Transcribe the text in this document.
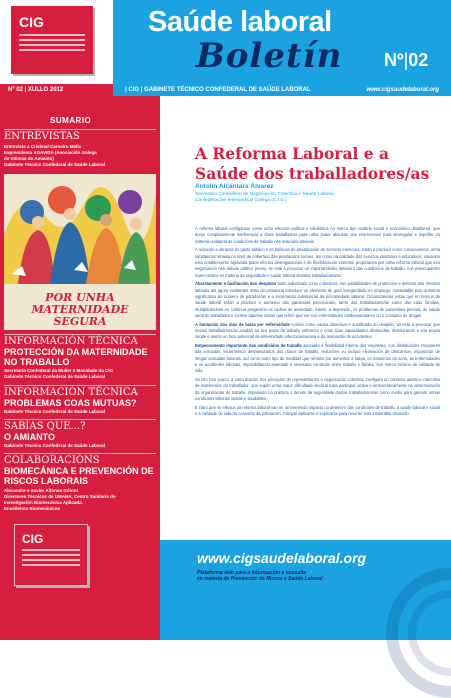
CIG	Saúde laboral
Boletín Nº|02
Nº 02 | XULLO 2012	| CIG | GABINETE TÉCNICO CONFEDERAL DE SAÚDE LABORAL	www.cigsaudelaboral.org
SUMARIO
ENTREVISTAS
Entrevista a Cristinal Carneiro Mella
Expresidenta AGAVIDA (Asociación Galega
de Vítimas do Amianto)
Gabinete Técnico Confederal de Saúde Laboral
POR UNHA MATERNIDADE SEGURA
INFORMACIÓN TÉCNICA
PROTECCIÓN DA MATERNIDADE NO TRABALLO
Secretaría Confederal da Muller e Mocidade da CIG
Gabinete Técnico Confederal de Saúde Laboral
INFORMACIÓN TÉCNICA
PROBLEMAS COAS MUTUAS?
Gabinete Técnico Confederal de Saúde Laboral
SABÍAS QUE...?
O AMIANTO
Gabinete Técnico Confederal de Saúde Laboral
COLABORACIÓNS
BIOMECÁNICA E PREVENCIÓN DE RISCOS LABORAIS
Alexandre e Xavier Alfonso Gómez
Directores Técnicos de UMANA, Centro Sanitario de
Investigación Biomecánica Aplicada.
Enxeñeiros Biomecánicos
CIG
A Reforma Laboral e a Saúde dos traballadores/as
Antolín Alcántara Álvarez
Secretario Confederal de Negociación Colectiva e Saúde Laboral
Confederación Intersindical Galega (C.I.G.)

A reforma laboral configúrase como unha elección política e ideolóxica no marco dun modelo social e económico ultraliberal, que dotou completamente inteferencia a clase traballadora para unha poder absoluto dos empresarios para desregular e impoñer do sistema unilateral as condicións de traballo nas relacións laborais.

A redución a ultranza do gasto público e as políticas de privatización de servizos esenciais, están a producir como consecuencia, unha substancial rebaixa no nivel de cobertura das prestacións sociais, así como na calidade dos servizos sanitarios e educativos; situación esta notablemente agravada polos efectos desregulacións e de flexibilización extrema, propiciados por unha reforma laboral que sen negociación nen debate público previo, se está a provocar un importantísimo deterioro das condicións de traballo, con preocupantes repercusións en materia da seguridade e saúde laboral dos/das traballadores/as:

Abaratamento e facilitación dos despidos tanto individuais como colectivos, son posibilidades de protección e defensa dos dereitos laborais ata agora existentes. Esta circunstancia introduce un elemento de gran inseguridade no emprego, constatable polo aumento significativo do número de parados/as e o incremento substancial da precariedade laboral. Circunstancias estas que en termos de saúde laboral están a producir o aumento das patoloxías psicosociais, tanto dos traballadores/as como das súas familias, multiplicándose en continua progresión os cadros de ansiedade, estrés, a depresión, os problemas de autoestima persoal, de saúde xeral do traballador e inclese aquelas outras que teñen que ver con enfermidades cardiovasculares ou o consumo de drogas.

A limitación dos días de baixa por enfermidade común como causa obxectiva e xustificada do despido, xa está a provocar que moitos traballadores/as acudan ao seu posto de traballo enfermos e coas súas capacidades diminuídas, deteriorando a súa propia saúde e sendo un foco potencial de enfermidade infectocontaxiosa e da axenación de accidentes.

Empeoramento importante das condicións de traballo asociado á flexibilidad interna das empresas, con distribucións irregulares das xornadas, incrementos desmesurados dos ritmos de traballo, reducións ou incluso eliminación de descansos, imposición de longas xornadas laborais, así como outro tipo de medidas que remiten por aumentar a fatiga, os trastornos do sono, as enfermidades e os accidentes laborais, imposibilitando asemade a necesaria condición entre traballo e familia, nun marco mínimo de calidade de vida.

Se isto fora pouco, a conculcación dos principios de representación e negociación colectiva, configura un contexto autárico-coercitivo de indefensión do traballador, que supón unha maior dificultade sindical para participar activa e democraticamente na determinación da organización do traballo, impedindo na práctica o dereito de seguridade dos/as traballadores/as como medio para garantir unhas condicións laborais xustas e saudables.

É claro que os efectos da reforma laboral van ter un tremendo impacto no deterioro das condicións de traballo, a saúde laboral e social e a calidade de vida do conxunto da poboación. Cómpre aplicarse e implicarse para reverter esta intolerable situación.

www.cigsaudelaboral.org
Plataforma web para a información e consulta
en materia de Prevención de Riscos e Saúde Laboral
